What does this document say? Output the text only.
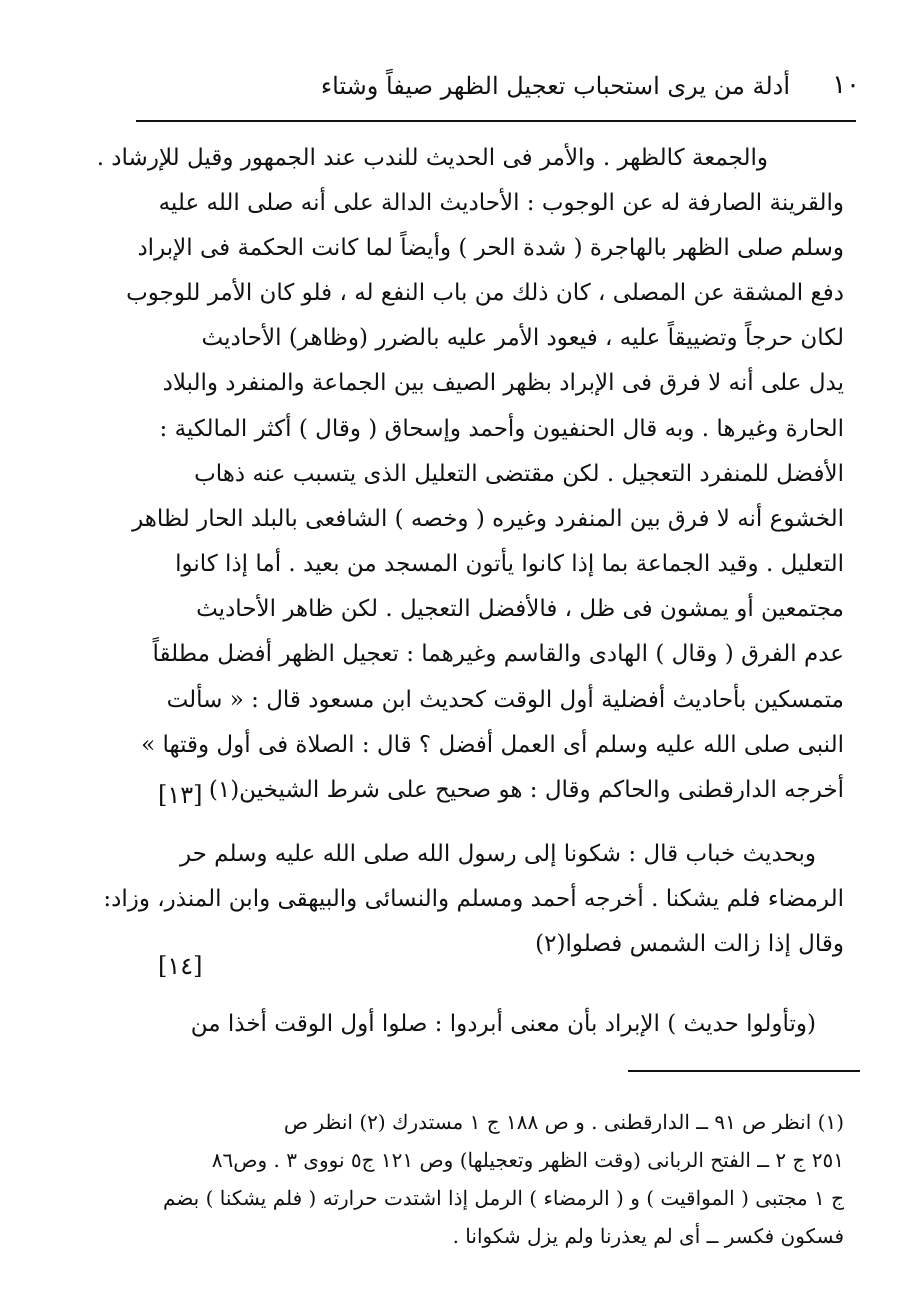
١٠
أدلة من يرى استحباب تعجيل الظهر صيفاً وشتاء

والجمعة كالظهر . والأمر فى الحديث للندب عند الجمهور وقيل للإرشاد .

والقرينة الصارفة له عن الوجوب : الأحاديث الدالة على أنه صلى الله عليه

وسلم صلى الظهر بالهاجرة ( شدة الحر ) وأيضاً لما كانت الحكمة فى الإبراد

دفع المشقة عن المصلى ، كان ذلك من باب النفع له ، فلو كان الأمر للوجوب

لكان حرجاً وتضييقاً عليه ، فيعود الأمر عليه بالضرر (وظاهر) الأحاديث

يدل على أنه لا فرق فى الإبراد بظهر الصيف بين الجماعة والمنفرد والبلاد

الحارة وغيرها . وبه قال الحنفيون وأحمد وإسحاق ( وقال ) أكثر المالكية :

الأفضل للمنفرد التعجيل . لكن مقتضى التعليل الذى يتسبب عنه ذهاب

الخشوع أنه لا فرق بين المنفرد وغيره ( وخصه ) الشافعى بالبلد الحار لظاهر

التعليل . وقيد الجماعة بما إذا كانوا يأتون المسجد من بعيد . أما إذا كانوا

مجتمعين أو يمشون فى ظل ، فالأفضل التعجيل . لكن ظاهر الأحاديث

عدم الفرق ( وقال ) الهادى والقاسم وغيرهما : تعجيل الظهر أفضل مطلقاً

متمسكين بأحاديث أفضلية أول الوقت كحديث ابن مسعود قال : « سألت

النبى صلى الله عليه وسلم أى العمل أفضل ؟ قال : الصلاة فى أول وقتها »

أخرجه الدارقطنى والحاكم وقال : هو صحيح على شرط الشيخين(١)

[١٣]

وبحديث خباب قال : شكونا إلى رسول الله صلى الله عليه وسلم حر

الرمضاء فلم يشكنا . أخرجه أحمد ومسلم والنسائى والبيهقى وابن المنذر، وزاد:

وقال إذا زالت الشمس فصلوا(٢)

[١٤]

(وتأولوا حديث ) الإبراد بأن معنى أبردوا : صلوا أول الوقت أخذا من

(١) انظر ص ٩١ ــ الدارقطنى . و ص ١٨٨ ج ١ مستدرك (٢) انظر ص

٢٥١ ج ٢ ــ الفتح الربانى (وقت الظهر وتعجيلها) وص ١٢١ ج٥ نووى ٣ . وص٨٦

ج ١ مجتبى ( المواقيت ) و ( الرمضاء ) الرمل إذا اشتدت حرارته ( فلم يشكنا ) بضم

فسكون فكسر ــ أى لم يعذرنا ولم يزل شكوانا .
